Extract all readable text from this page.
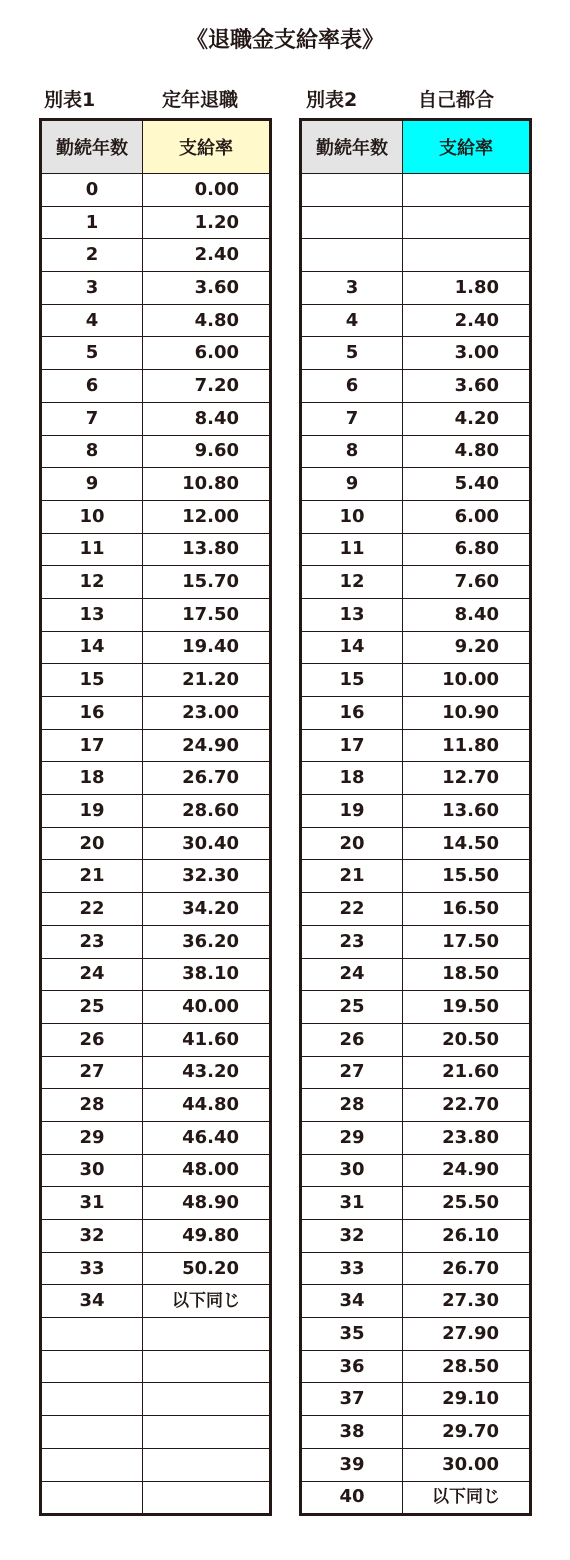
《退職金支給率表》
別表1	定年退職	別表2	自己都合
勤続年数	支給率
0	0.00
1	1.20
2	2.40
3	3.60
4	4.80
5	6.00
6	7.20
7	8.40
8	9.60
9	10.80
10	12.00
11	13.80
12	15.70
13	17.50
14	19.40
15	21.20
16	23.00
17	24.90
18	26.70
19	28.60
20	30.40
21	32.30
22	34.20
23	36.20
24	38.10
25	40.00
26	41.60
27	43.20
28	44.80
29	46.40
30	48.00
31	48.90
32	49.80
33	50.20
34	以下同じ

勤続年数	支給率

3	1.80
4	2.40
5	3.00
6	3.60
7	4.20
8	4.80
9	5.40
10	6.00
11	6.80
12	7.60
13	8.40
14	9.20
15	10.00
16	10.90
17	11.80
18	12.70
19	13.60
20	14.50
21	15.50
22	16.50
23	17.50
24	18.50
25	19.50
26	20.50
27	21.60
28	22.70
29	23.80
30	24.90
31	25.50
32	26.10
33	26.70
34	27.30
35	27.90
36	28.50
37	29.10
38	29.70
39	30.00
40	以下同じ
